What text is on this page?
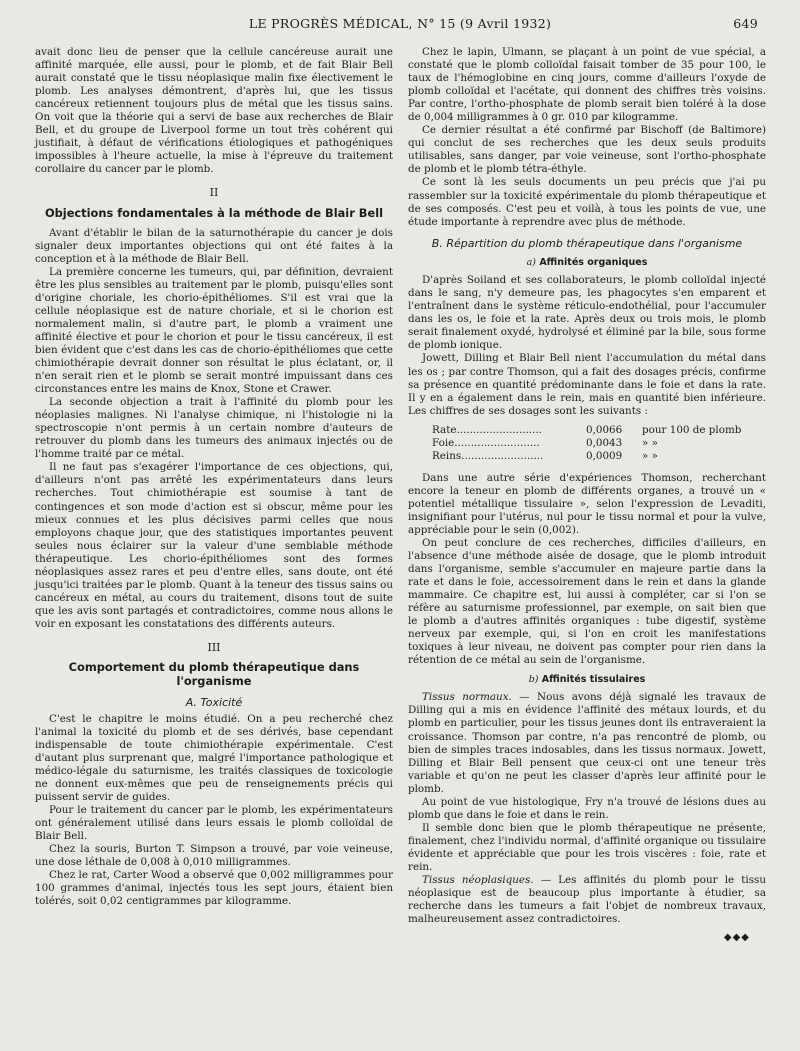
LE PROGRÈS MÉDICAL, N° 15 (9 Avril 1932)	649

avait donc lieu de penser que la cellule cancéreuse aurait une affinité marquée, elle aussi, pour le plomb, et de fait Blair Bell aurait constaté que le tissu néoplasique malin fixe électivement le plomb. Les analyses démontrent, d'après lui, que les tissus cancéreux retiennent toujours plus de métal que les tissus sains. On voit que la théorie qui a servi de base aux recherches de Blair Bell, et du groupe de Liverpool forme un tout très cohérent qui justifiait, à défaut de vérifications étiologiques et pathogéniques impossibles à l'heure actuelle, la mise à l'épreuve du traitement corollaire du cancer par le plomb.

II
Objections fondamentales à la méthode de Blair Bell

Avant d'établir le bilan de la saturnothérapie du cancer je dois signaler deux importantes objections qui ont été faites à la conception et à la méthode de Blair Bell.

La première concerne les tumeurs, qui, par définition, devraient être les plus sensibles au traitement par le plomb, puisqu'elles sont d'origine choriale, les chorio-épithéliomes. S'il est vrai que la cellule néoplasique est de nature choriale, et si le chorion est normalement malin, si d'autre part, le plomb a vraiment une affinité élective et pour le chorion et pour le tissu cancéreux, il est bien évident que c'est dans les cas de chorio-épithéliomes que cette chimiothérapie devrait donner son résultat le plus éclatant, or, il n'en serait rien et le plomb se serait montré impuissant dans ces circonstances entre les mains de Knox, Stone et Crawer.

La seconde objection a trait à l'affinité du plomb pour les néoplasies malignes. Ni l'analyse chimique, ni l'histologie ni la spectroscopie n'ont permis à un certain nombre d'auteurs de retrouver du plomb dans les tumeurs des animaux injectés ou de l'homme traité par ce métal.

Il ne faut pas s'exagérer l'importance de ces objections, qui, d'ailleurs n'ont pas arrêté les expérimentateurs dans leurs recherches. Tout chimiothérapie est soumise à tant de contingences et son mode d'action est si obscur, même pour les mieux connues et les plus décisives parmi celles que nous employons chaque jour, que des statistiques importantes peuvent seules nous éclairer sur la valeur d'une semblable méthode thérapeutique. Les chorio-épithéliomes sont des formes néoplasiques assez rares et peu d'entre elles, sans doute, ont été jusqu'ici traitées par le plomb. Quant à la teneur des tissus sains ou cancéreux en métal, au cours du traitement, disons tout de suite que les avis sont partagés et contradictoires, comme nous allons le voir en exposant les constatations des différents auteurs.

III
Comportement du plomb thérapeutique dans l'organisme
A. Toxicité

C'est le chapitre le moins étudié. On a peu recherché chez l'animal la toxicité du plomb et de ses dérivés, base cependant indispensable de toute chimiothérapie expérimentale. C'est d'autant plus surprenant que, malgré l'importance pathologique et médico-légale du saturnisme, les traités classiques de toxicologie ne donnent eux-mêmes que peu de renseignements précis qui puissent servir de guides.

Pour le traitement du cancer par le plomb, les expérimentateurs ont généralement utilisé dans leurs essais le plomb colloïdal de Blair Bell.

Chez la souris, Burton T. Simpson a trouvé, par voie veineuse, une dose léthale de 0,008 à 0,010 milligrammes.

Chez le rat, Carter Wood a observé que 0,002 milligrammes pour 100 grammes d'animal, injectés tous les sept jours, étaient bien tolérés, soit 0,02 centigrammes par kilogramme.

Chez le lapin, Ulmann, se plaçant à un point de vue spécial, a constaté que le plomb colloïdal faisait tomber de 35 pour 100, le taux de l'hémoglobine en cinq jours, comme d'ailleurs l'oxyde de plomb colloïdal et l'acétate, qui donnent des chiffres très voisins. Par contre, l'ortho-phosphate de plomb serait bien toléré à la dose de 0,004 milligrammes à 0 gr. 010 par kilogramme.

Ce dernier résultat a été confirmé par Bischoff (de Baltimore) qui conclut de ses recherches que les deux seuls produits utilisables, sans danger, par voie veineuse, sont l'ortho-phosphate de plomb et le plomb tétra-éthyle.

Ce sont là les seuls documents un peu précis que j'ai pu rassembler sur la toxicité expérimentale du plomb thérapeutique et de ses composés. C'est peu et voilà, à tous les points de vue, une étude importante à reprendre avec plus de méthode.

B. Répartition du plomb thérapeutique dans l'organisme
a) Affinités organiques

D'après Soiland et ses collaborateurs, le plomb colloïdal injecté dans le sang, n'y demeure pas, les phagocytes s'en emparent et l'entraînent dans le système réticulo-endothélial, pour l'accumuler dans les os, le foie et la rate. Après deux ou trois mois, le plomb serait finalement oxydé, hydrolysé et éliminé par la bile, sous forme de plomb ionique.

Jowett, Dilling et Blair Bell nient l'accumulation du métal dans les os ; par contre Thomson, qui a fait des dosages précis, confirme sa présence en quantité prédominante dans le foie et dans la rate. Il y en a également dans le rein, mais en quantité bien inférieure. Les chiffres de ses dosages sont les suivants :

Rate..........................	0,0066	pour 100 de plomb
Foie..........................	0,0043	» »
Reins.........................	0,0009	» »

Dans une autre série d'expériences Thomson, recherchant encore la teneur en plomb de différents organes, a trouvé un « potentiel métallique tissulaire », selon l'expression de Levaditi, insignifiant pour l'utérus, nul pour le tissu normal et pour la vulve, appréciable pour le sein (0,002).

On peut conclure de ces recherches, difficiles d'ailleurs, en l'absence d'une méthode aisée de dosage, que le plomb introduit dans l'organisme, semble s'accumuler en majeure partie dans la rate et dans le foie, accessoirement dans le rein et dans la glande mammaire. Ce chapitre est, lui aussi à compléter, car si l'on se réfère au saturnisme professionnel, par exemple, on sait bien que le plomb a d'autres affinités organiques : tube digestif, système nerveux par exemple, qui, si l'on en croit les manifestations toxiques à leur niveau, ne doivent pas compter pour rien dans la rétention de ce métal au sein de l'organisme.

b) Affinités tissulaires

Tissus normaux. — Nous avons déjà signalé les travaux de Dilling qui a mis en évidence l'affinité des métaux lourds, et du plomb en particulier, pour les tissus jeunes dont ils entraveraient la croissance. Thomson par contre, n'a pas rencontré de plomb, ou bien de simples traces indosables, dans les tissus normaux. Jowett, Dilling et Blair Bell pensent que ceux-ci ont une teneur très variable et qu'on ne peut les classer d'après leur affinité pour le plomb.

Au point de vue histologique, Fry n'a trouvé de lésions dues au plomb que dans le foie et dans le rein.

Il semble donc bien que le plomb thérapeutique ne présente, finalement, chez l'individu normal, d'affinité organique ou tissulaire évidente et appréciable que pour les trois viscères : foie, rate et rein.

Tissus néoplasiques. — Les affinités du plomb pour le tissu néoplasique est de beaucoup plus importante à étudier, sa recherche dans les tumeurs a fait l'objet de nombreux travaux, malheureusement assez contradictoires.

◆◆◆
